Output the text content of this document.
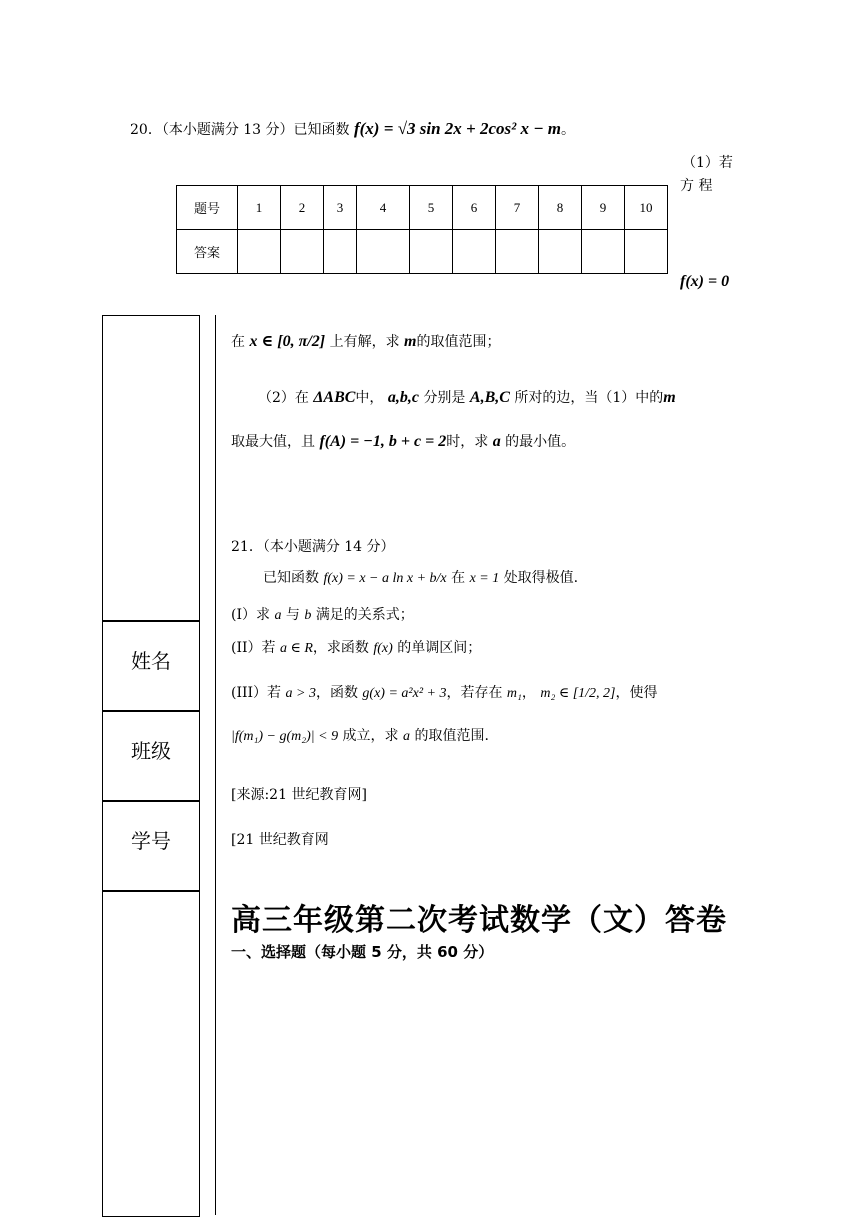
20．（本小题满分 13 分）已知函数 f(x) = √3 sin 2x + 2cos² x − m。
（1）若
方 程
f(x) = 0
题号	1	2	3	4	5	6	7	8	9	10
答案										
姓名
班级
学号
在 x ∈ [0, π/2] 上有解，求 m的取值范围；
（2）在 ΔABC中， a,b,c 分别是 A,B,C 所对的边，当（1）中的m
取最大值，且 f(A) = −1, b + c = 2时，求 a 的最小值。
21．（本小题满分 14 分）
已知函数 f(x) = x − a ln x + b/x 在 x = 1 处取得极值.
(I）求 a 与 b 满足的关系式；
(II）若 a ∈ R，求函数 f(x) 的单调区间；
(III）若 a > 3，函数 g(x) = a²x² + 3，若存在 m₁， m₂ ∈ [1/2, 2]，使得
|f(m₁) − g(m₂)| < 9 成立，求 a 的取值范围.
[来源:21 世纪教育网]
[21 世纪教育网
高三年级第二次考试数学（文）答卷
一、选择题（每小题 5 分，共 60 分）
